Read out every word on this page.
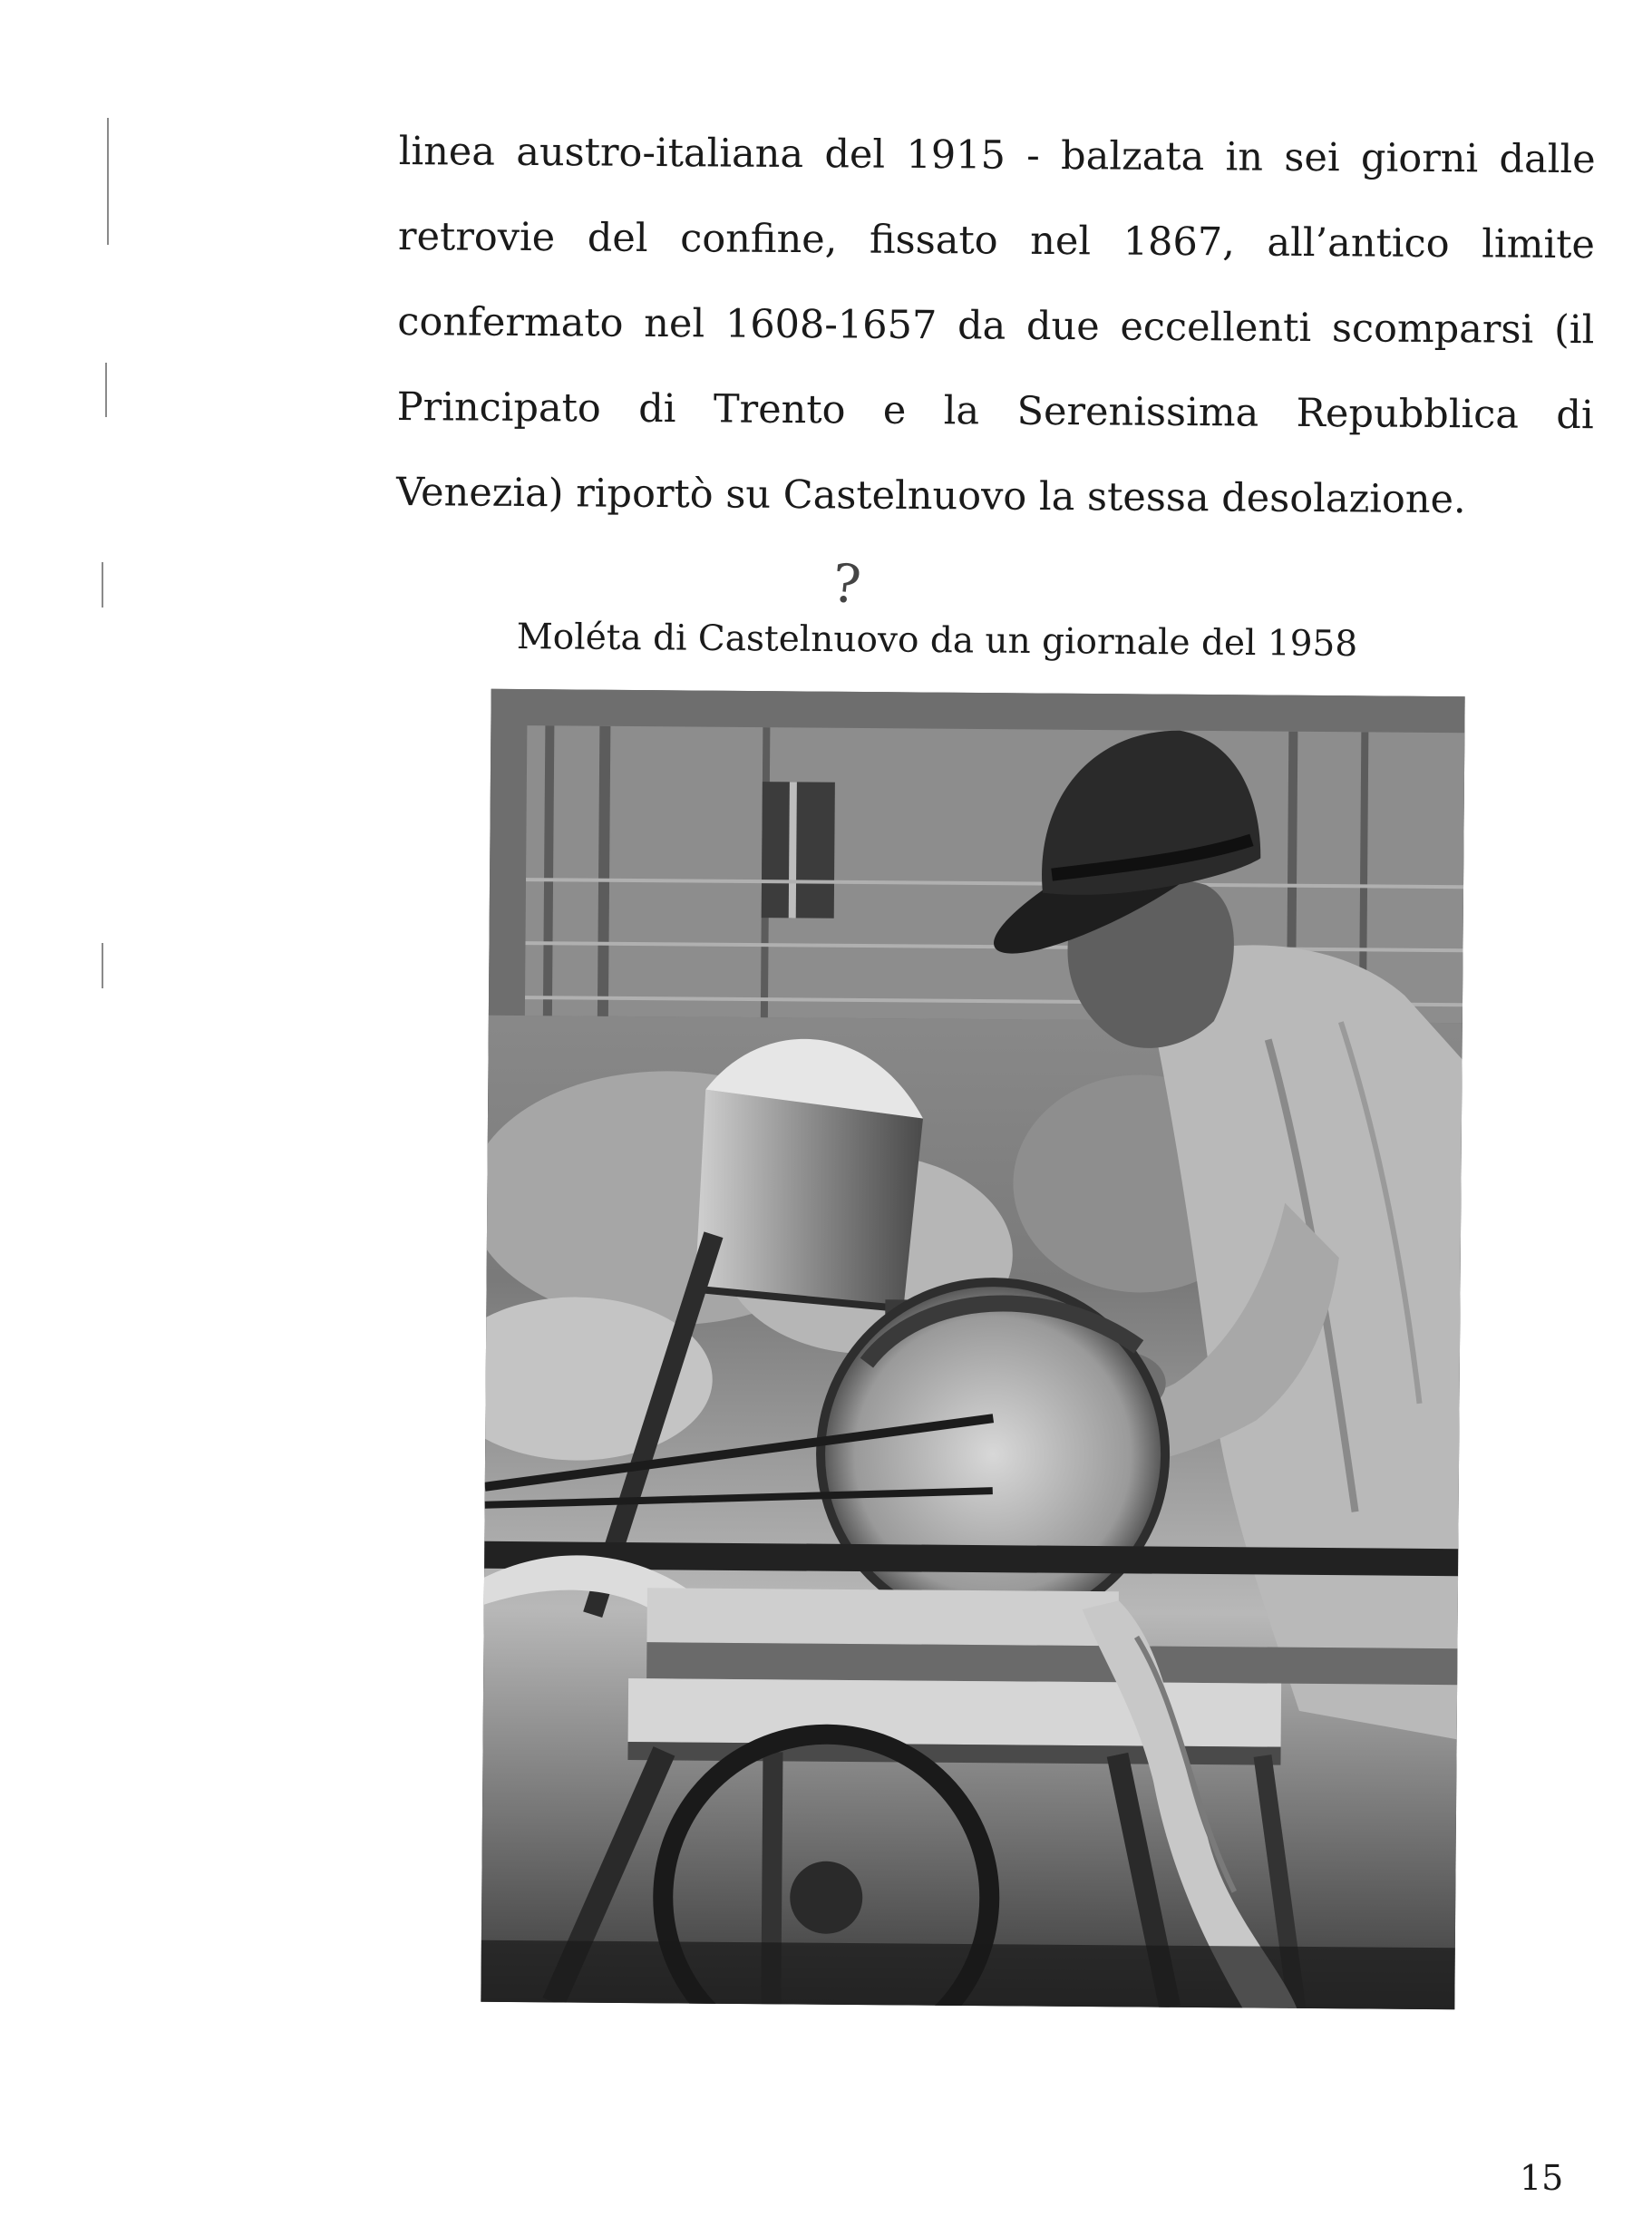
linea austro-italiana del 1915 - balzata in sei giorni dalle retrovie del confine, fissato nel 1867, all’antico limite confermato nel 1608-1657 da due eccellenti scomparsi (il Principato di Trento e la Serenissima Repubblica di Venezia) riportò su Castelnuovo la stessa desolazione.

?
Moléta di Castelnuovo da un giornale del 1958
15
